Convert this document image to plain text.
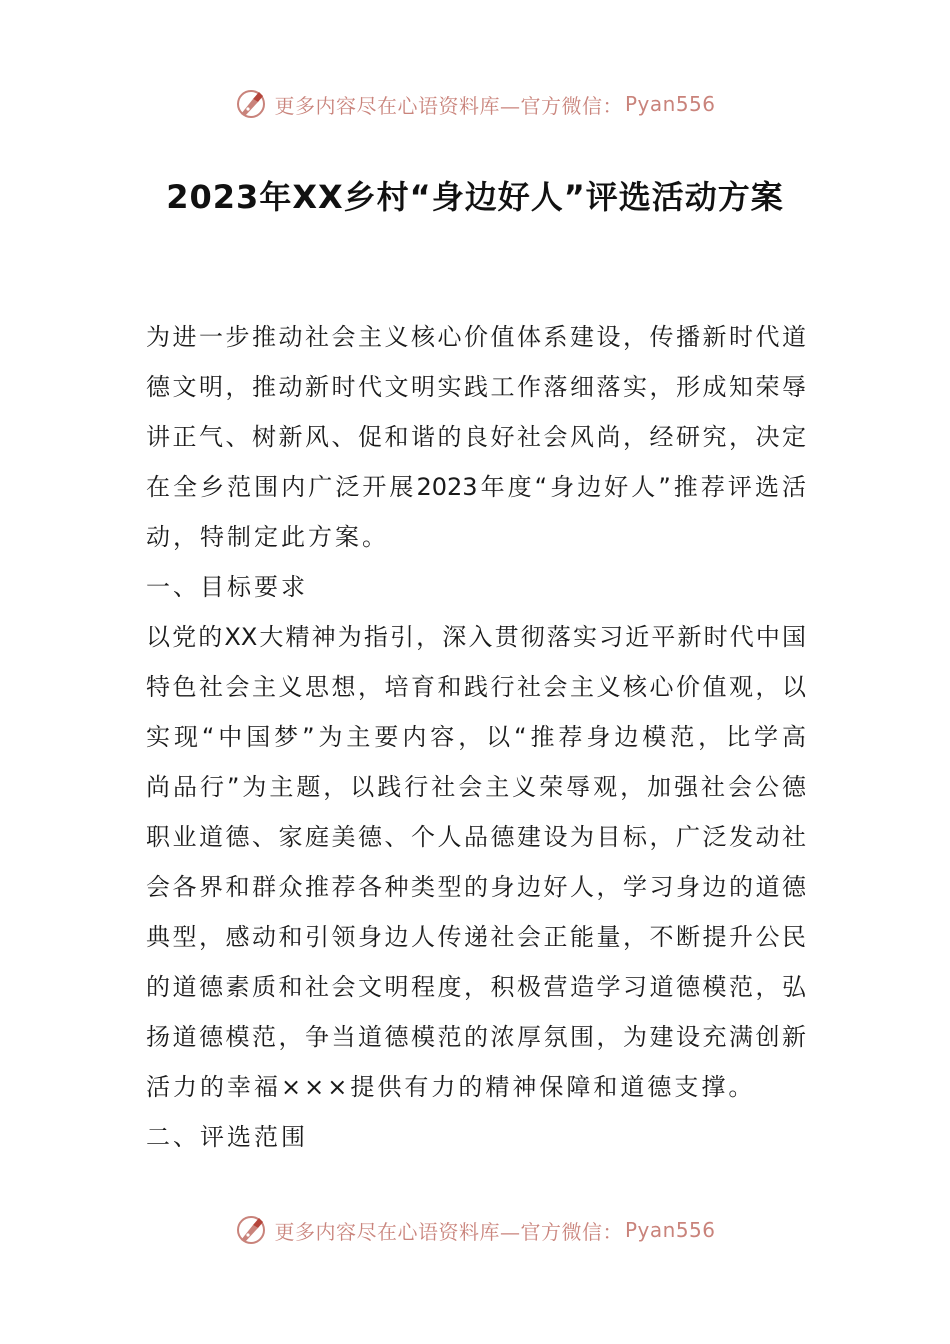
更多内容尽在心语资料库—官方微信： Pyan556
2023年XX乡村“身边好人”评选活动方案
为进一步推动社会主义核心价值体系建设，传播新时代道
德文明，推动新时代文明实践工作落细落实，形成知荣辱
讲正气、树新风、促和谐的良好社会风尚，经研究，决定
在全乡范围内广泛开展2023年度“身边好人”推荐评选活
动，特制定此方案。
一、目标要求
以党的XX大精神为指引，深入贯彻落实习近平新时代中国
特色社会主义思想，培育和践行社会主义核心价值观，以
实现“中国梦”为主要内容，以“推荐身边模范，比学高
尚品行”为主题，以践行社会主义荣辱观，加强社会公德
职业道德、家庭美德、个人品德建设为目标，广泛发动社
会各界和群众推荐各种类型的身边好人，学习身边的道德
典型，感动和引领身边人传递社会正能量，不断提升公民
的道德素质和社会文明程度，积极营造学习道德模范，弘
扬道德模范，争当道德模范的浓厚氛围，为建设充满创新
活力的幸福×××提供有力的精神保障和道德支撑。
二、评选范围
更多内容尽在心语资料库—官方微信： Pyan556
